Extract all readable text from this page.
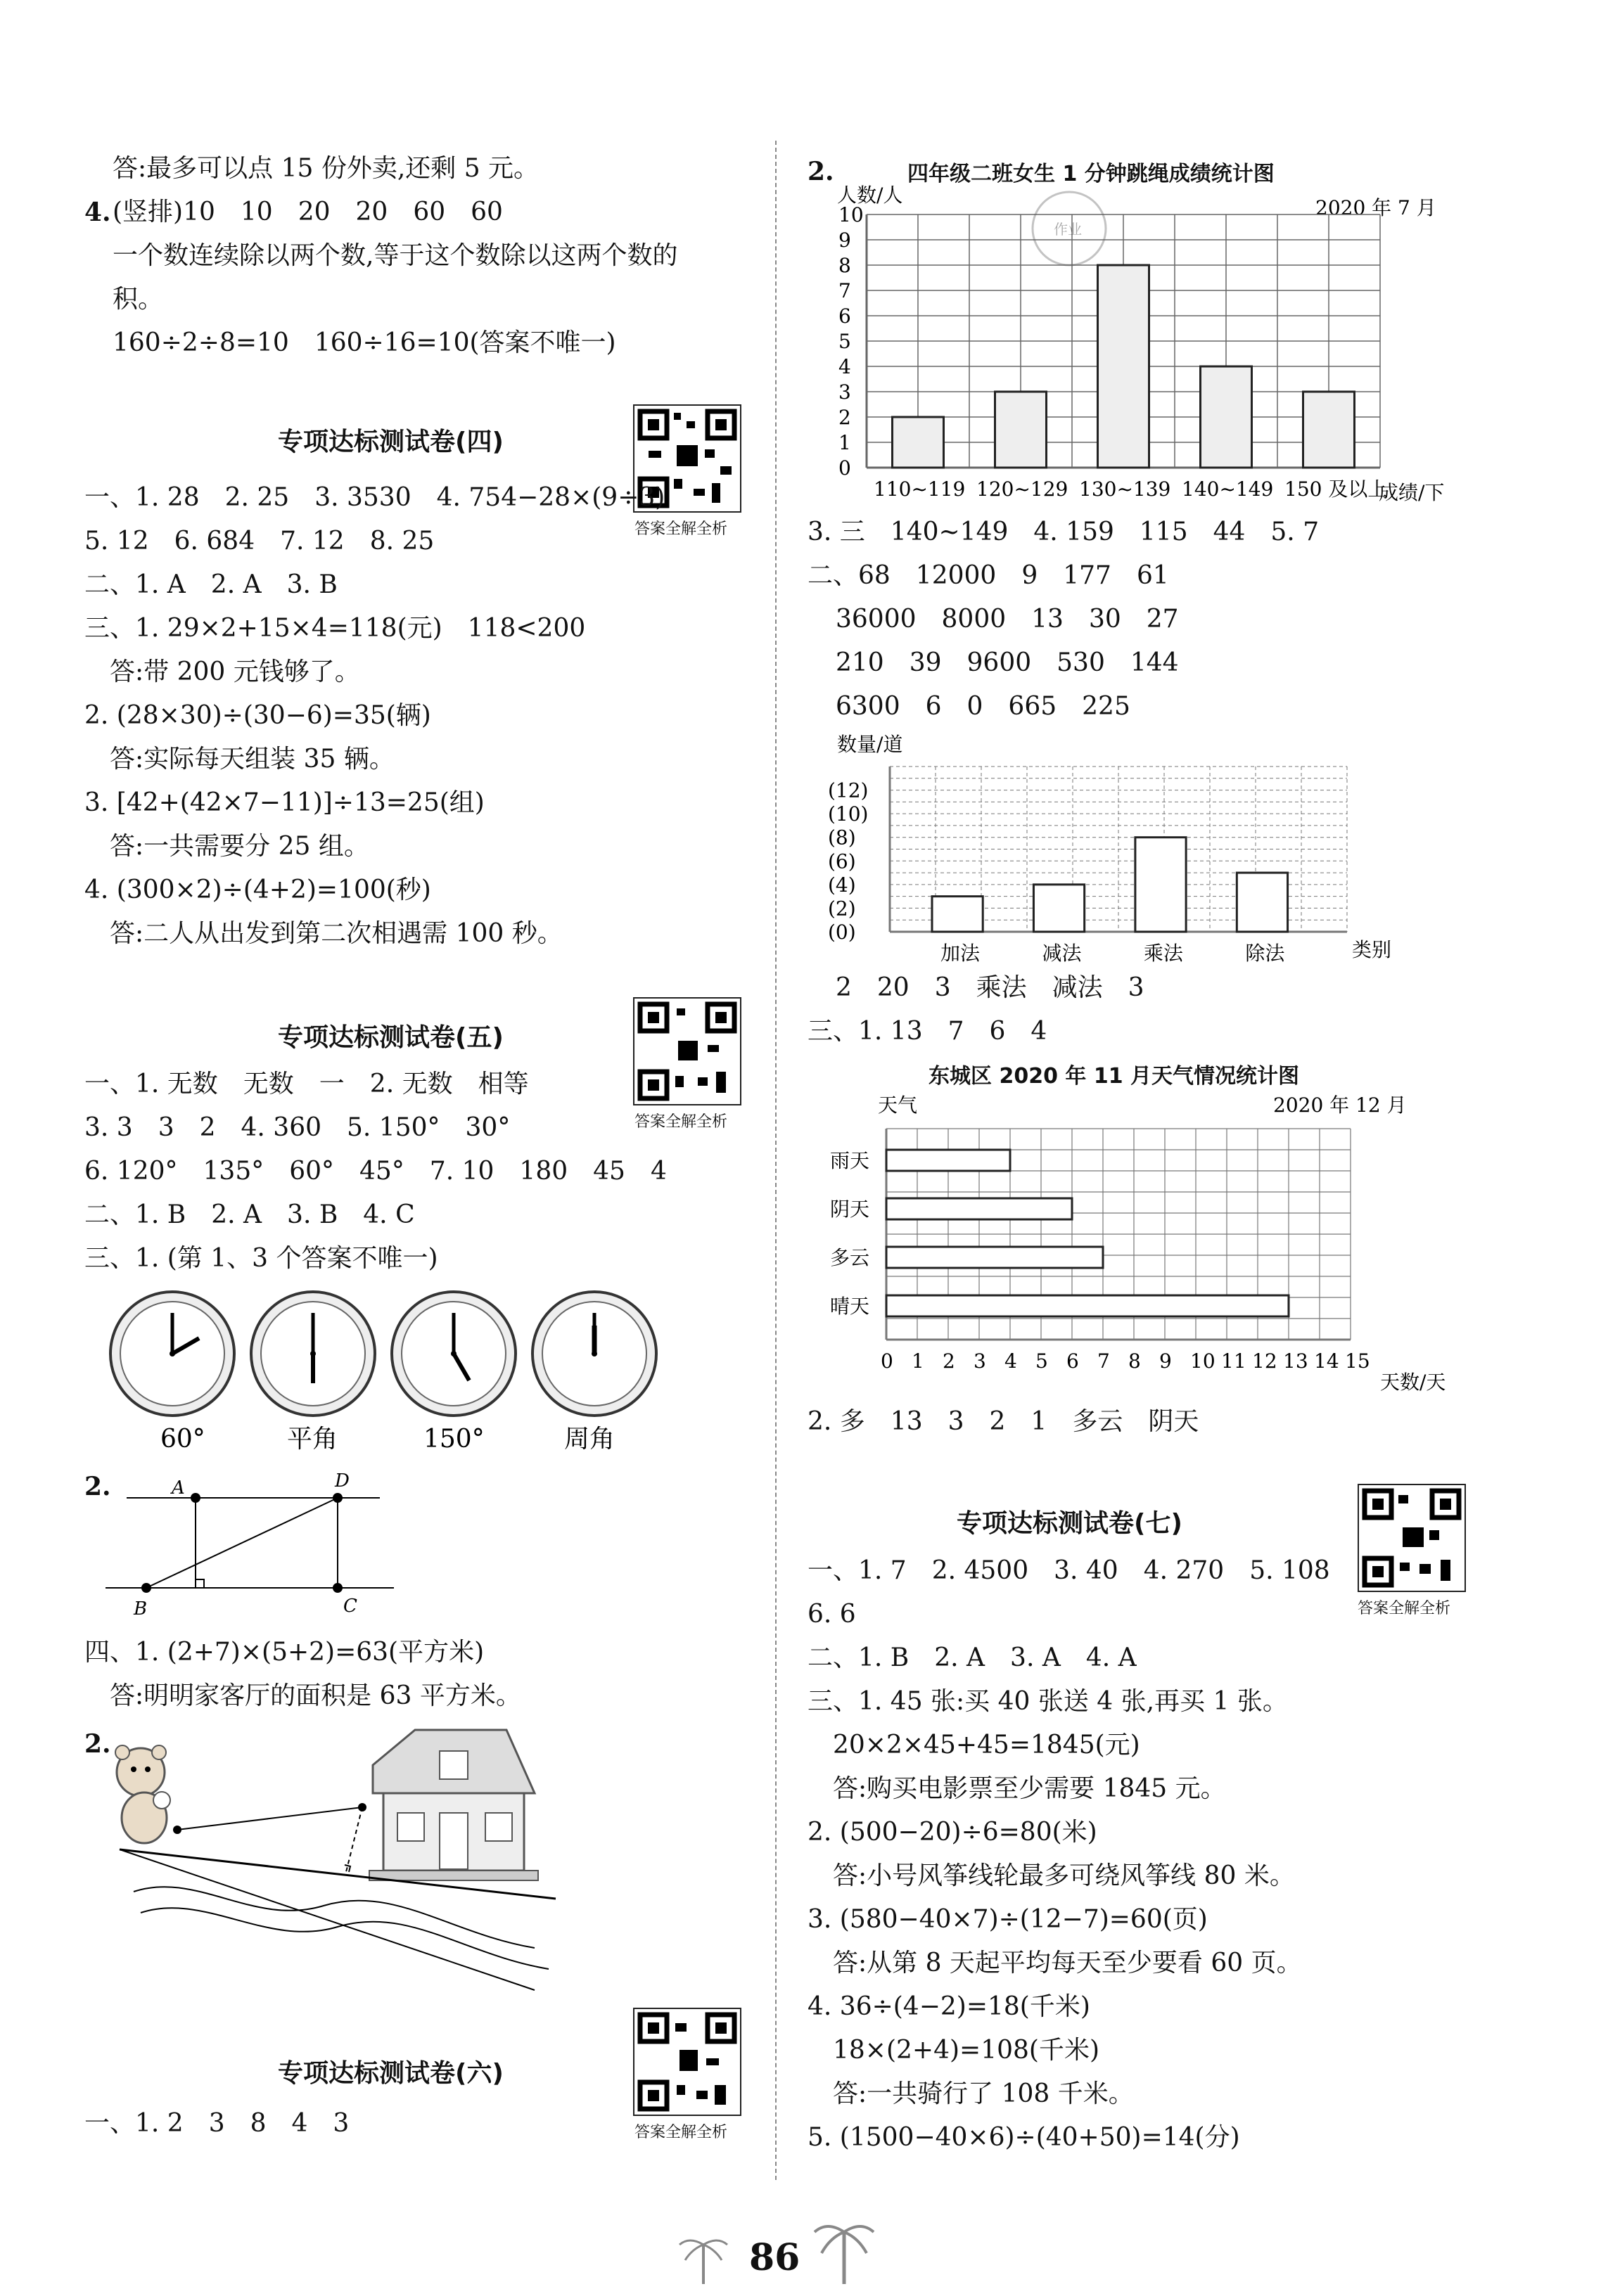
答:最多可以点 15 份外卖,还剩 5 元。
4. (竖排)10　10　20　20　60　60
一个数连续除以两个数,等于这个数除以这两个数的
积。
160÷2÷8=10　160÷16=10(答案不唯一)
专项达标测试卷(四)
答案全解全析
一、1. 28　2. 25　3. 3530　4. 754−28×(9÷3)
5. 12　6. 684　7. 12　8. 25
二、1. A　2. A　3. B
三、1. 29×2+15×4=118(元)　118<200
　答:带 200 元钱够了。
2. (28×30)÷(30−6)=35(辆)
　答:实际每天组装 35 辆。
3. [42+(42×7−11)]÷13=25(组)
　答:一共需要分 25 组。
4. (300×2)÷(4+2)=100(秒)
　答:二人从出发到第二次相遇需 100 秒。
专项达标测试卷(五)
答案全解全析
一、1. 无数　无数　一　2. 无数　相等
3. 3　3　2　4. 360　5. 150°　30°
6. 120°　135°　60°　45°　7. 10　180　45　4
二、1. B　2. A　3. B　4. C
三、1. (第 1、3 个答案不唯一)
60°	平角	150°	周角
2.	A	D
B	C
四、1. (2+7)×(5+2)=63(平方米)
　答:明明家客厅的面积是 63 平方米。
2.
专项达标测试卷(六)
答案全解全析
一、1. 2　3　8　4　3
2.	四年级二班女生 1 分钟跳绳成绩统计图
人数/人
2020 年 7 月
成绩/下
0
1
2
3
4
5
6
7
8
9
10
110~119 120~129 130~139 140~149 150 及以上
作业
3. 三　140~149　4. 159　115　44　5. 7
二、68　12000　9　177　61
36000　8000　13　30　27
210　39　9600　530　144
6300　6　0　665　225
数量/道
类别
(0)
(2)
(4)
(6)
(8)
(10)
(12)
加法	减法	乘法	除法
2　20　3　乘法　减法　3
三、1. 13　7　6　4
东城区 2020 年 11 月天气情况统计图
天气	2020 年 12 月
天数/天
雨天
阴天
多云
晴天
0 1 2 3 4 5 6 7 8 9 10 11 12 13 14 15
2. 多　13　3　2　1　多云　阴天
专项达标测试卷(七)
答案全解全析
一、1. 7　2. 4500　3. 40　4. 270　5. 108
6. 6
二、1. B　2. A　3. A　4. A
三、1. 45 张:买 40 张送 4 张,再买 1 张。
　20×2×45+45=1845(元)
　答:购买电影票至少需要 1845 元。
2. (500−20)÷6=80(米)
　答:小号风筝线轮最多可绕风筝线 80 米。
3. (580−40×7)÷(12−7)=60(页)
　答:从第 8 天起平均每天至少要看 60 页。
4. 36÷(4−2)=18(千米)
　18×(2+4)=108(千米)
　答:一共骑行了 108 千米。
5. (1500−40×6)÷(40+50)=14(分)
86
